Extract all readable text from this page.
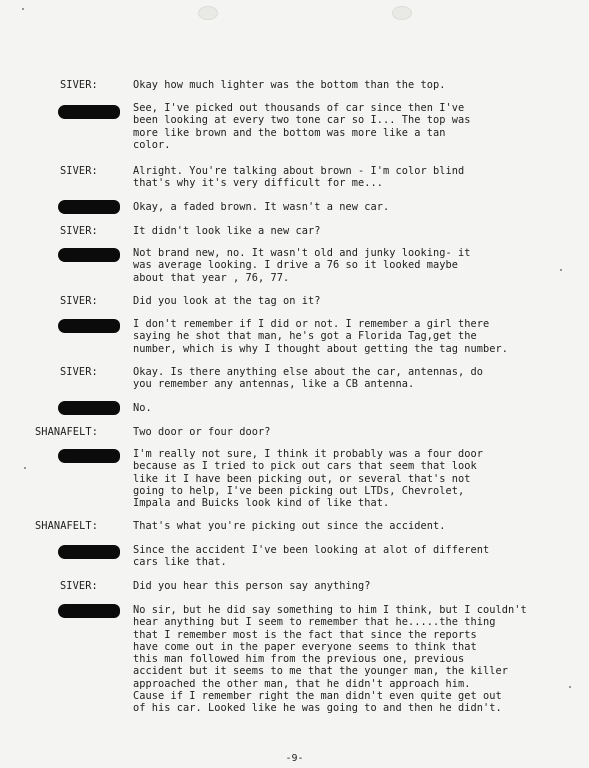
SIVER:	Okay how much lighter was the bottom than the top.
See, I've picked out thousands of car since then I've
been looking at every two tone car so I... The top was
more like brown and the bottom was more like a tan
color.
SIVER:	Alright. You're talking about brown - I'm color blind
that's why it's very difficult for me...
Okay, a faded brown. It wasn't a new car.
SIVER:	It didn't look like a new car?
Not brand new, no. It wasn't old and junky looking- it
was average looking. I drive a 76 so it looked maybe
about that year , 76, 77.
SIVER:	Did you look at the tag on it?
I don't remember if I did or not. I remember a girl there
saying he shot that man, he's got a Florida Tag,get the
number, which is why I thought about getting the tag number.
SIVER:	Okay. Is there anything else about the car, antennas, do
you remember any antennas, like a CB antenna.
No.
SHANAFELT:	Two door or four door?
I'm really not sure, I think it probably was a four door
because as I tried to pick out cars that seem that look
like it I have been picking out, or several that's not
going to help, I've been picking out LTDs, Chevrolet,
Impala and Buicks look kind of like that.
SHANAFELT:	That's what you're picking out since the accident.
Since the accident I've been looking at alot of different
cars like that.
SIVER:	Did you hear this person say anything?
No sir, but he did say something to him I think, but I couldn't
hear anything but I seem to remember that he.....the thing
that I remember most is the fact that since the reports
have come out in the paper everyone seems to think that
this man followed him from the previous one, previous
accident but it seems to me that the younger man, the killer
approached the other man, that he didn't approach him.
Cause if I remember right the man didn't even quite get out
of his car. Looked like he was going to and then he didn't.
-9-
